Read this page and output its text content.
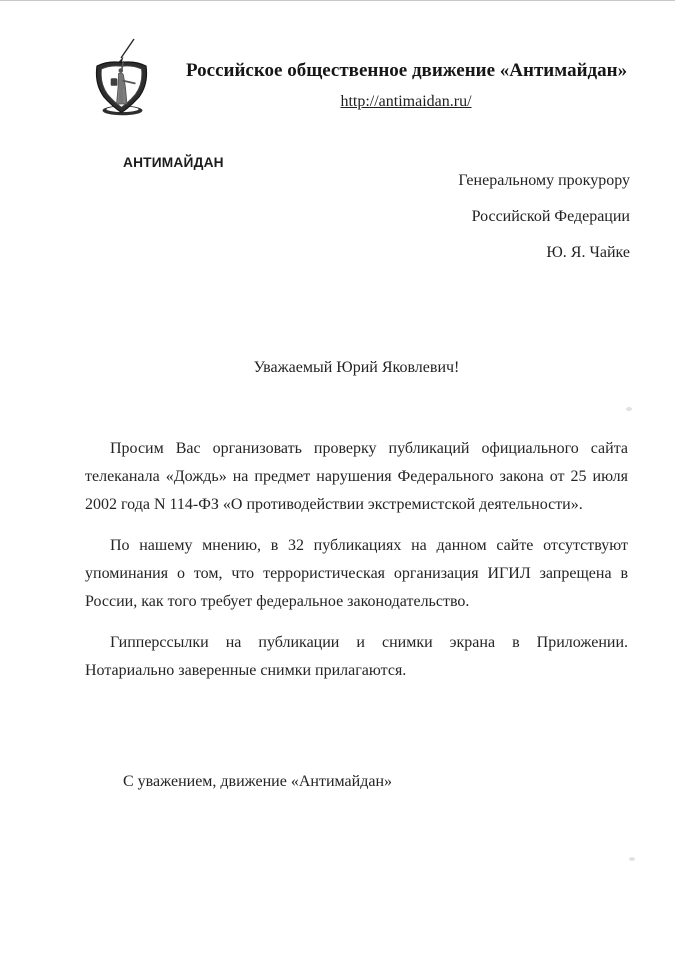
АНТИМАЙДАН
Российское общественное движение «Антимайдан»
http://antimaidan.ru/
Генеральному прокурору
Российской Федерации
Ю. Я. Чайке
Уважаемый Юрий Яковлевич!

Просим Вас организовать проверку публикаций официального сайта
телеканала «Дождь» на предмет нарушения Федерального закона от 25 июля
2002 года N 114-ФЗ «О противодействии экстремистской деятельности».

По нашему мнению, в 32 публикациях на данном сайте отсутствуют
упоминания о том, что террористическая организация ИГИЛ запрещена в
России, как того требует федеральное законодательство.

Гипперссылки на публикации и снимки экрана в Приложении.
Нотариально заверенные снимки прилагаются.

С уважением, движение «Антимайдан»
